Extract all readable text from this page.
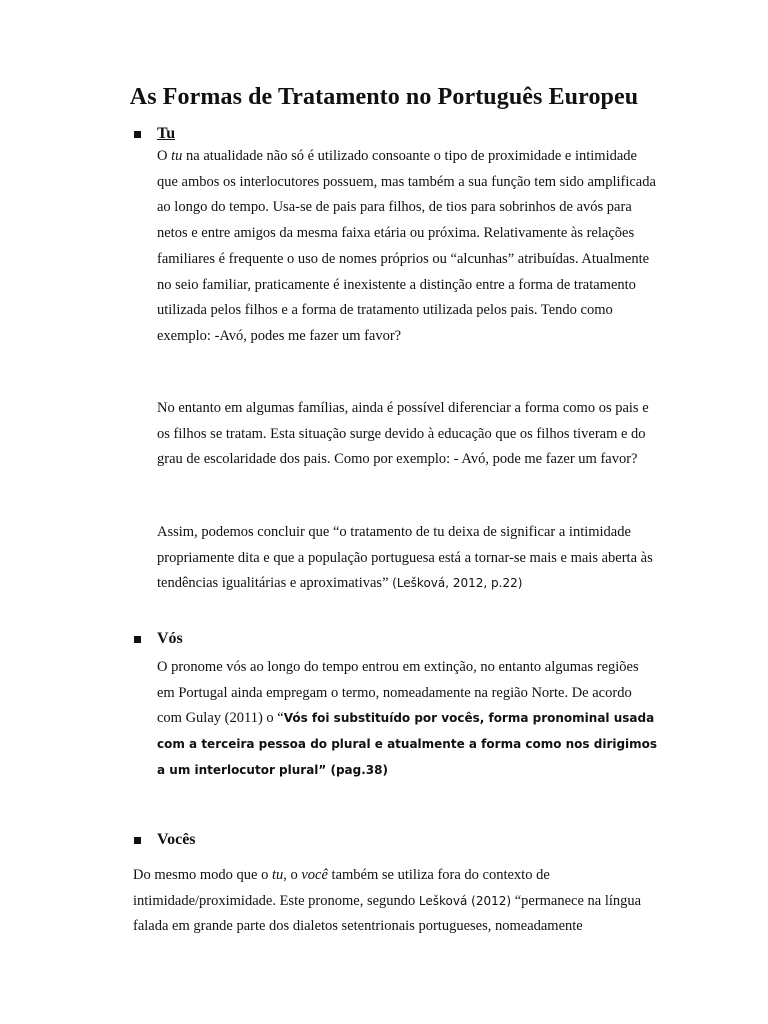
As Formas de Tratamento no Português Europeu

Tu

O tu na atualidade não só é utilizado consoante o tipo de proximidade e intimidade que ambos os interlocutores possuem, mas também a sua função tem sido amplificada ao longo do tempo. Usa-se de pais para filhos, de tios para sobrinhos de avós para netos e entre amigos da mesma faixa etária ou próxima. Relativamente às relações familiares é frequente o uso de nomes próprios ou “alcunhas” atribuídas. Atualmente no seio familiar, praticamente é inexistente a distinção entre a forma de tratamento utilizada pelos filhos e a forma de tratamento utilizada pelos pais. Tendo como exemplo: -Avó, podes me fazer um favor?

No entanto em algumas famílias, ainda é possível diferenciar a forma como os pais e os filhos se tratam. Esta situação surge devido à educação que os filhos tiveram e do grau de escolaridade dos pais. Como por exemplo: - Avó, pode me fazer um favor?

Assim, podemos concluir que “o tratamento de tu deixa de significar a intimidade propriamente dita e que a população portuguesa está a tornar-se mais e mais aberta às tendências igualitárias e aproximativas” (Lešková, 2012, p.22)

Vós

O pronome vós ao longo do tempo entrou em extinção, no entanto algumas regiões em Portugal ainda empregam o termo, nomeadamente na região Norte. De acordo com Gulay (2011) o “Vós foi substituído por vocês, forma pronominal usada com a terceira pessoa do plural e atualmente a forma como nos dirigimos a um interlocutor plural” (pag.38)

Vocês

Do mesmo modo que o tu, o você também se utiliza fora do contexto de intimidade/proximidade. Este pronome, segundo Lešková (2012) “permanece na língua falada em grande parte dos dialetos setentrionais portugueses, nomeadamente
